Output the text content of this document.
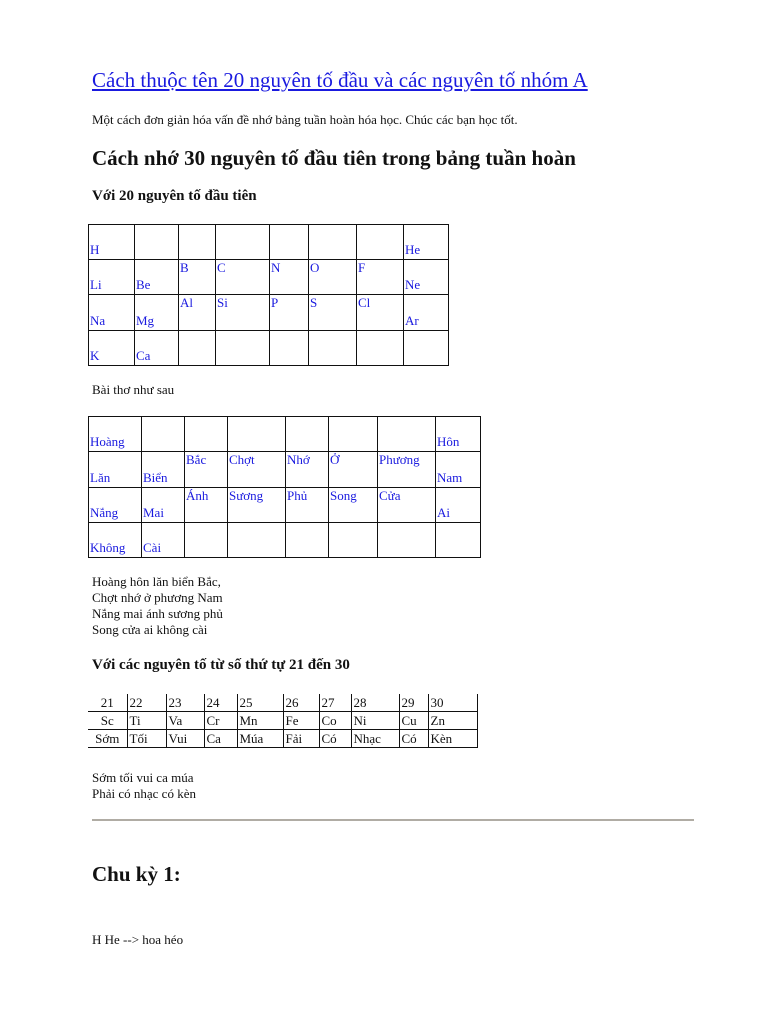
Cách thuộc tên 20 nguyên tố đầu và các nguyên tố nhóm A
Một cách đơn giản hóa vấn đề nhớ bảng tuần hoàn hóa học. Chúc các bạn học tốt.
Cách nhớ 30 nguyên tố đầu tiên trong bảng tuần hoàn
Với 20 nguyên tố đầu tiên
H							He

Li	Be	B	C	N	O	F	Ne

Na	Mg	Al	Si	P	S	Cl	Ar

K	Ca						

Bài thơ như sau
Hoàng							Hôn

Lăn	Biển	Bắc	Chợt	Nhớ	Ở	Phương	Nam

Nắng	Mai	Ánh	Sương	Phủ	Song	Cửa	Ai

Không	Cài						

Hoàng hôn lăn biển Bắc,
Chợt nhớ ở phương Nam
Nắng mai ánh sương phủ
Song cửa ai không cài
Với các nguyên tố từ số thứ tự 21 đến 30
21	22	23	24	25	26	27	28	29	30
Sc	Ti	Va	Cr	Mn	Fe	Co	Ni	Cu	Zn
Sớm	Tối	Vui	Ca	Múa	Fải	Có	Nhạc	Có	Kèn
Sớm tối vui ca múa
Phải có nhạc có kèn
Chu kỳ 1:
H He --> hoa héo
